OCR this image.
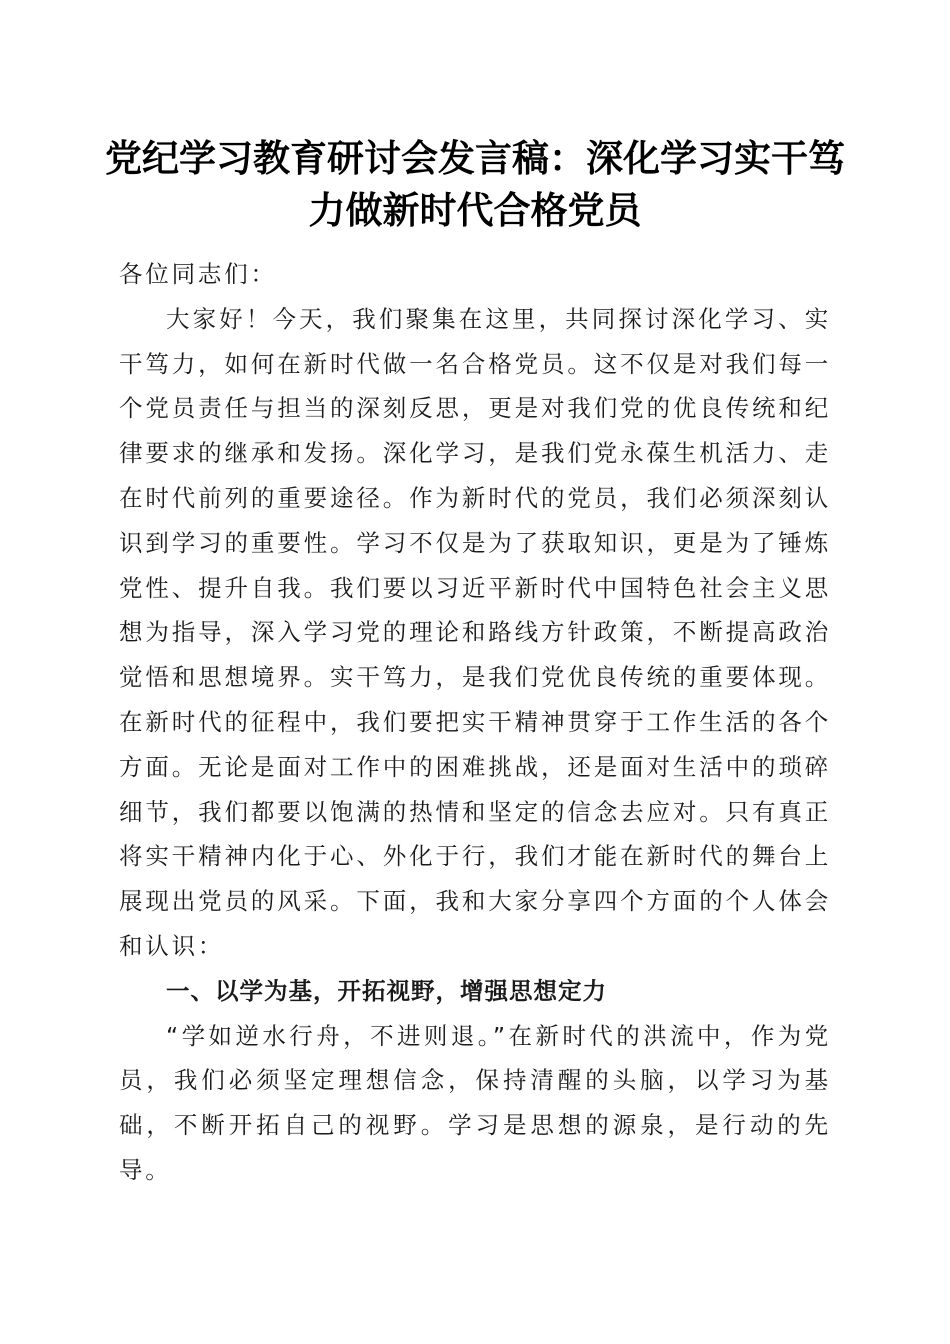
党纪学习教育研讨会发言稿：深化学习实干笃
力做新时代合格党员

各位同志们：

大家好！今天，我们聚集在这里，共同探讨深化学习、实干笃力，如何在新时代做一名合格党员。这不仅是对我们每一个党员责任与担当的深刻反思，更是对我们党的优良传统和纪律要求的继承和发扬。深化学习，是我们党永葆生机活力、走在时代前列的重要途径。作为新时代的党员，我们必须深刻认识到学习的重要性。学习不仅是为了获取知识，更是为了锤炼党性、提升自我。我们要以习近平新时代中国特色社会主义思想为指导，深入学习党的理论和路线方针政策，不断提高政治觉悟和思想境界。实干笃力，是我们党优良传统的重要体现。在新时代的征程中，我们要把实干精神贯穿于工作生活的各个方面。无论是面对工作中的困难挑战，还是面对生活中的琐碎细节，我们都要以饱满的热情和坚定的信念去应对。只有真正将实干精神内化于心、外化于行，我们才能在新时代的舞台上展现出党员的风采。下面，我和大家分享四个方面的个人体会和认识：

一、以学为基，开拓视野，增强思想定力

“学如逆水行舟，不进则退。”在新时代的洪流中，作为党员，我们必须坚定理想信念，保持清醒的头脑，以学习为基础，不断开拓自己的视野。学习是思想的源泉，是行动的先导。
